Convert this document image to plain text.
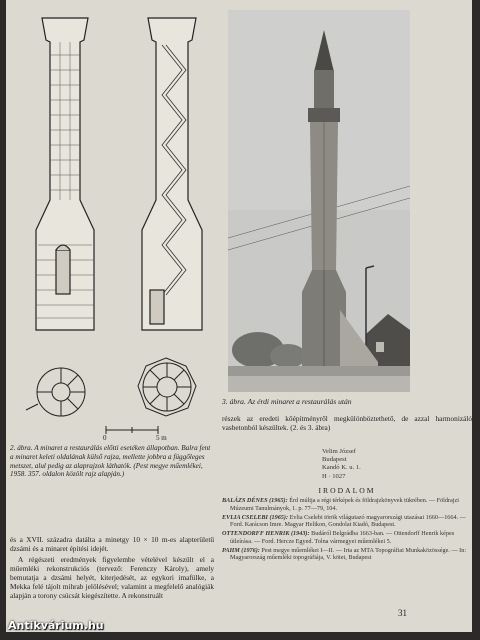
0	5 m
3. ábra. Az érdi minaret a restaurálás után
2. ábra. A minaret a restaurálás előtti esetéken állapotban. Balra fent a minaret keleti oldalának külső rajza, mellette jobbra a függőleges metszet, alul pedig az alaprajzok láthatók. (Pest megye műemlékei, 1958. 357. oldalon közölt rajz alapján.)

és a XVII. századra datálta a minetgy 10 × 10 m-es alapterületű dzsámi és a minaret építési idejét.

A régészeti eredmények figyelembe vételével készült el a műemléki rekonstrukciós (tervező: Ferenczy Károly), amely bemutatja a dzsámi helyét, kiterjedését, az egykori imafülke, a Mekka felé tájolt mihrab jelölésével; valamint a megfelelő analógiák alapján a torony csúcsát kiegészítette. A rekonstruált

részek az eredeti kőépítményről megkülönböztethető, de azzal harmonizáló vasbetonból készültek. (2. és 3. ábra)
Velim József
Budapest
Kandó K. u. 1.
H · 1027
IRODALOM
BALÁZS DÉNES (1965): Érd múltja a régi térképek és földrajzkönyvek tükrében. — Földrajzi Múzeumi Tanulmányok, 1. p. 77—79, 104.
EVLIA CSELEBI (1965): Evlia Cselebi török világutazó magyarországi utazásai 1660—1664. — Ford. Karácson Imre. Magyar Helikon, Gondolat Kiadó, Budapest.
OTTENDORFF HENRIK (1943): Budáról Belgrádba 1663-ban. — Ottendorff Henrik képes útleírása. — Ford. Hercze Egyed. Tolna vármegyei műemlékei 5.
PAHM (1976): Pest megye műemlékei I—II. — Irta az MTA Topográfiai Munkaközössége. — In: Magyarország műemléki topográfiája, V. kötet, Budapest
31
Antikvárium.hu
